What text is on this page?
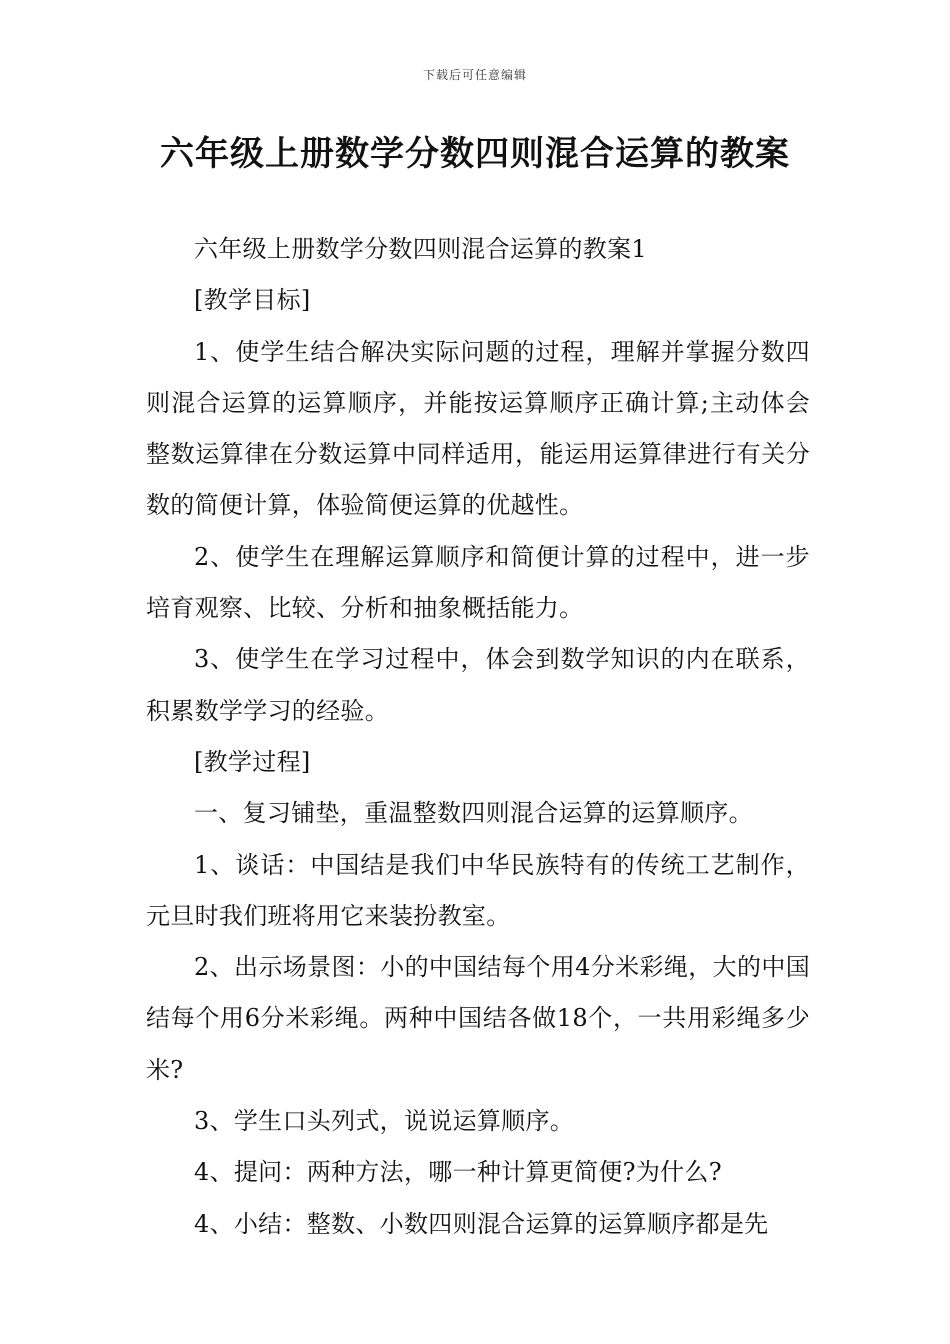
下载后可任意编辑
六年级上册数学分数四则混合运算的教案

六年级上册数学分数四则混合运算的教案1

[教学目标]

1、使学生结合解决实际问题的过程，理解并掌握分数四则混合运算的运算顺序，并能按运算顺序正确计算;主动体会整数运算律在分数运算中同样适用，能运用运算律进行有关分数的简便计算，体验简便运算的优越性。

2、使学生在理解运算顺序和简便计算的过程中，进一步培育观察、比较、分析和抽象概括能力。

3、使学生在学习过程中，体会到数学知识的内在联系，积累数学学习的经验。

[教学过程]

一、复习铺垫，重温整数四则混合运算的运算顺序。

1、谈话：中国结是我们中华民族特有的传统工艺制作，元旦时我们班将用它来装扮教室。

2、出示场景图：小的中国结每个用4分米彩绳，大的中国结每个用6分米彩绳。两种中国结各做18个，一共用彩绳多少米?

3、学生口头列式，说说运算顺序。

4、提问：两种方法，哪一种计算更简便?为什么?

4、小结：整数、小数四则混合运算的运算顺序都是先
